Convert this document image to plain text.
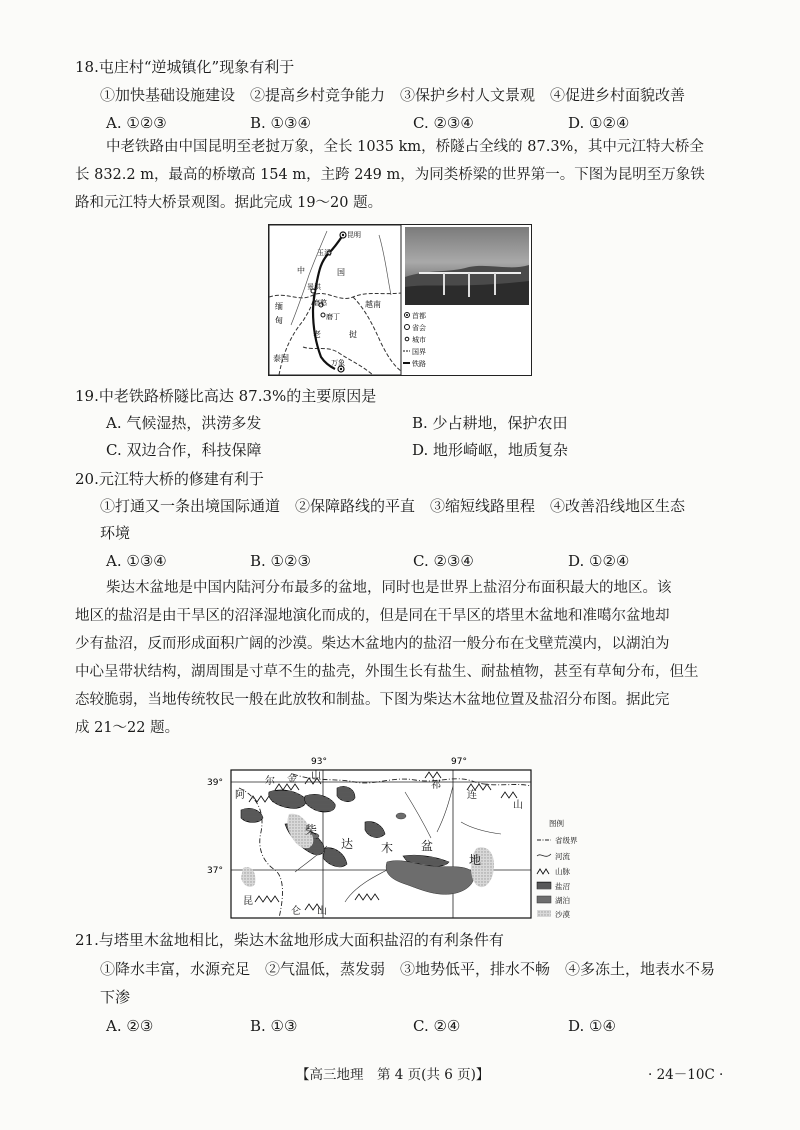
18.屯庄村“逆城镇化”现象有利于
①加快基础设施建设　②提高乡村竞争能力　③保护乡村人文景观　④促进乡村面貌改善
A. ①②③	B. ①③④	C. ②③④	D. ①②④
中老铁路由中国昆明至老挝万象，全长 1035 km，桥隧占全线的 87.3%，其中元江特大桥全
长 832.2 m，最高的桥墩高 154 m，主跨 249 m，为同类桥梁的世界第一。下图为昆明至万象铁
路和元江特大桥景观图。据此完成 19～20 题。
昆明
玉溪
中	国
景洪
磨憨
缅
甸
越南
磨丁
老	挝
泰国	万象
首都
省会
城市
国界
铁路
19.中老铁路桥隧比高达 87.3%的主要原因是
A. 气候湿热，洪涝多发	B. 少占耕地，保护农田
C. 双边合作，科技保障	D. 地形崎岖，地质复杂
20.元江特大桥的修建有利于
①打通又一条出境国际通道　②保障路线的平直　③缩短线路里程　④改善沿线地区生态
环境
A. ①③④	B. ①②③	C. ②③④	D. ①②④
柴达木盆地是中国内陆河分布最多的盆地，同时也是世界上盐沼分布面积最大的地区。该
地区的盐沼是由干旱区的沼泽湿地演化而成的，但是同在干旱区的塔里木盆地和准噶尔盆地却
少有盐沼，反而形成面积广阔的沙漠。柴达木盆地内的盐沼一般分布在戈壁荒漠内，以湖泊为
中心呈带状结构，湖周围是寸草不生的盐壳，外围生长有盐生、耐盐植物，甚至有草甸分布，但生
态较脆弱，当地传统牧民一般在此放牧和制盐。下图为柴达木盆地位置及盐沼分布图。据此完
成 21～22 题。
93°	97°
39°
37°
尔 金 山
阿
祁
连
山
柴
达 木 盆
地
昆
仑 山
图例
省级界
河流
山脉
盐沼
湖泊
沙漠
21.与塔里木盆地相比，柴达木盆地形成大面积盐沼的有利条件有
①降水丰富，水源充足　②气温低，蒸发弱　③地势低平，排水不畅　④多冻土，地表水不易
下渗
A. ②③	B. ①③	C. ②④	D. ①④
【高三地理　第 4 页(共 6 页)】	· 24－10C ·
